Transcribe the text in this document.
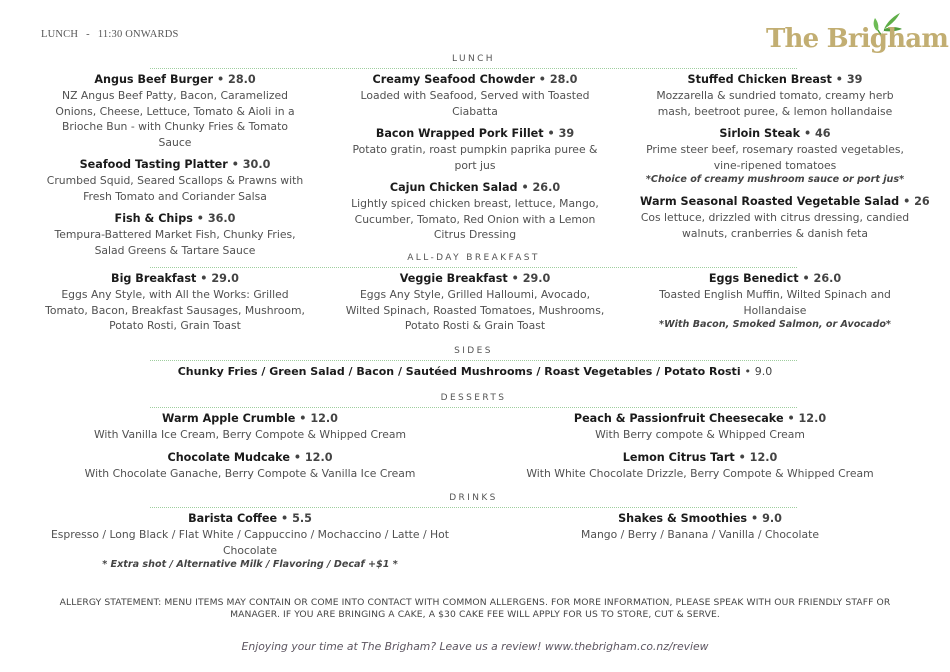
LUNCH - 11:30 ONWARDS	The Brigham
LUNCH
Angus Beef Burger • 28.0
NZ Angus Beef Patty, Bacon, Caramelized Onions, Cheese, Lettuce, Tomato & Aioli in a Brioche Bun - with Chunky Fries & Tomato Sauce
Seafood Tasting Platter • 30.0
Crumbed Squid, Seared Scallops & Prawns with Fresh Tomato and Coriander Salsa
Fish & Chips • 36.0
Tempura-Battered Market Fish, Chunky Fries, Salad Greens & Tartare Sauce
Creamy Seafood Chowder • 28.0
Loaded with Seafood, Served with Toasted Ciabatta
Bacon Wrapped Pork Fillet • 39
Potato gratin, roast pumpkin paprika puree & port jus
Cajun Chicken Salad • 26.0
Lightly spiced chicken breast, lettuce, Mango, Cucumber, Tomato, Red Onion with a Lemon Citrus Dressing
Stuffed Chicken Breast • 39
Mozzarella & sundried tomato, creamy herb mash, beetroot puree, & lemon hollandaise
Sirloin Steak • 46
Prime steer beef, rosemary roasted vegetables, vine-ripened tomatoes
*Choice of creamy mushroom sauce or port jus*
Warm Seasonal Roasted Vegetable Salad • 26
Cos lettuce, drizzled with citrus dressing, candied walnuts, cranberries & danish feta
ALL-DAY BREAKFAST
Big Breakfast • 29.0
Eggs Any Style, with All the Works: Grilled Tomato, Bacon, Breakfast Sausages, Mushroom, Potato Rosti, Grain Toast
Veggie Breakfast • 29.0
Eggs Any Style, Grilled Halloumi, Avocado, Wilted Spinach, Roasted Tomatoes, Mushrooms, Potato Rosti & Grain Toast
Eggs Benedict • 26.0
Toasted English Muffin, Wilted Spinach and Hollandaise
*With Bacon, Smoked Salmon, or Avocado*
SIDES
Chunky Fries / Green Salad / Bacon / Sautéed Mushrooms / Roast Vegetables / Potato Rosti • 9.0
DESSERTS
Warm Apple Crumble • 12.0
With Vanilla Ice Cream, Berry Compote & Whipped Cream
Chocolate Mudcake • 12.0
With Chocolate Ganache, Berry Compote & Vanilla Ice Cream
Peach & Passionfruit Cheesecake • 12.0
With Berry compote & Whipped Cream
Lemon Citrus Tart • 12.0
With White Chocolate Drizzle, Berry Compote & Whipped Cream
DRINKS
Barista Coffee • 5.5
Espresso / Long Black / Flat White / Cappuccino / Mochaccino / Latte / Hot Chocolate
* Extra shot / Alternative Milk / Flavoring / Decaf +$1 *
Shakes & Smoothies • 9.0
Mango / Berry / Banana / Vanilla / Chocolate
ALLERGY STATEMENT: MENU ITEMS MAY CONTAIN OR COME INTO CONTACT WITH COMMON ALLERGENS. FOR MORE INFORMATION, PLEASE SPEAK WITH OUR FRIENDLY STAFF OR
MANAGER. IF YOU ARE BRINGING A CAKE, A $30 CAKE FEE WILL APPLY FOR US TO STORE, CUT & SERVE.
Enjoying your time at The Brigham? Leave us a review! www.thebrigham.co.nz/review
